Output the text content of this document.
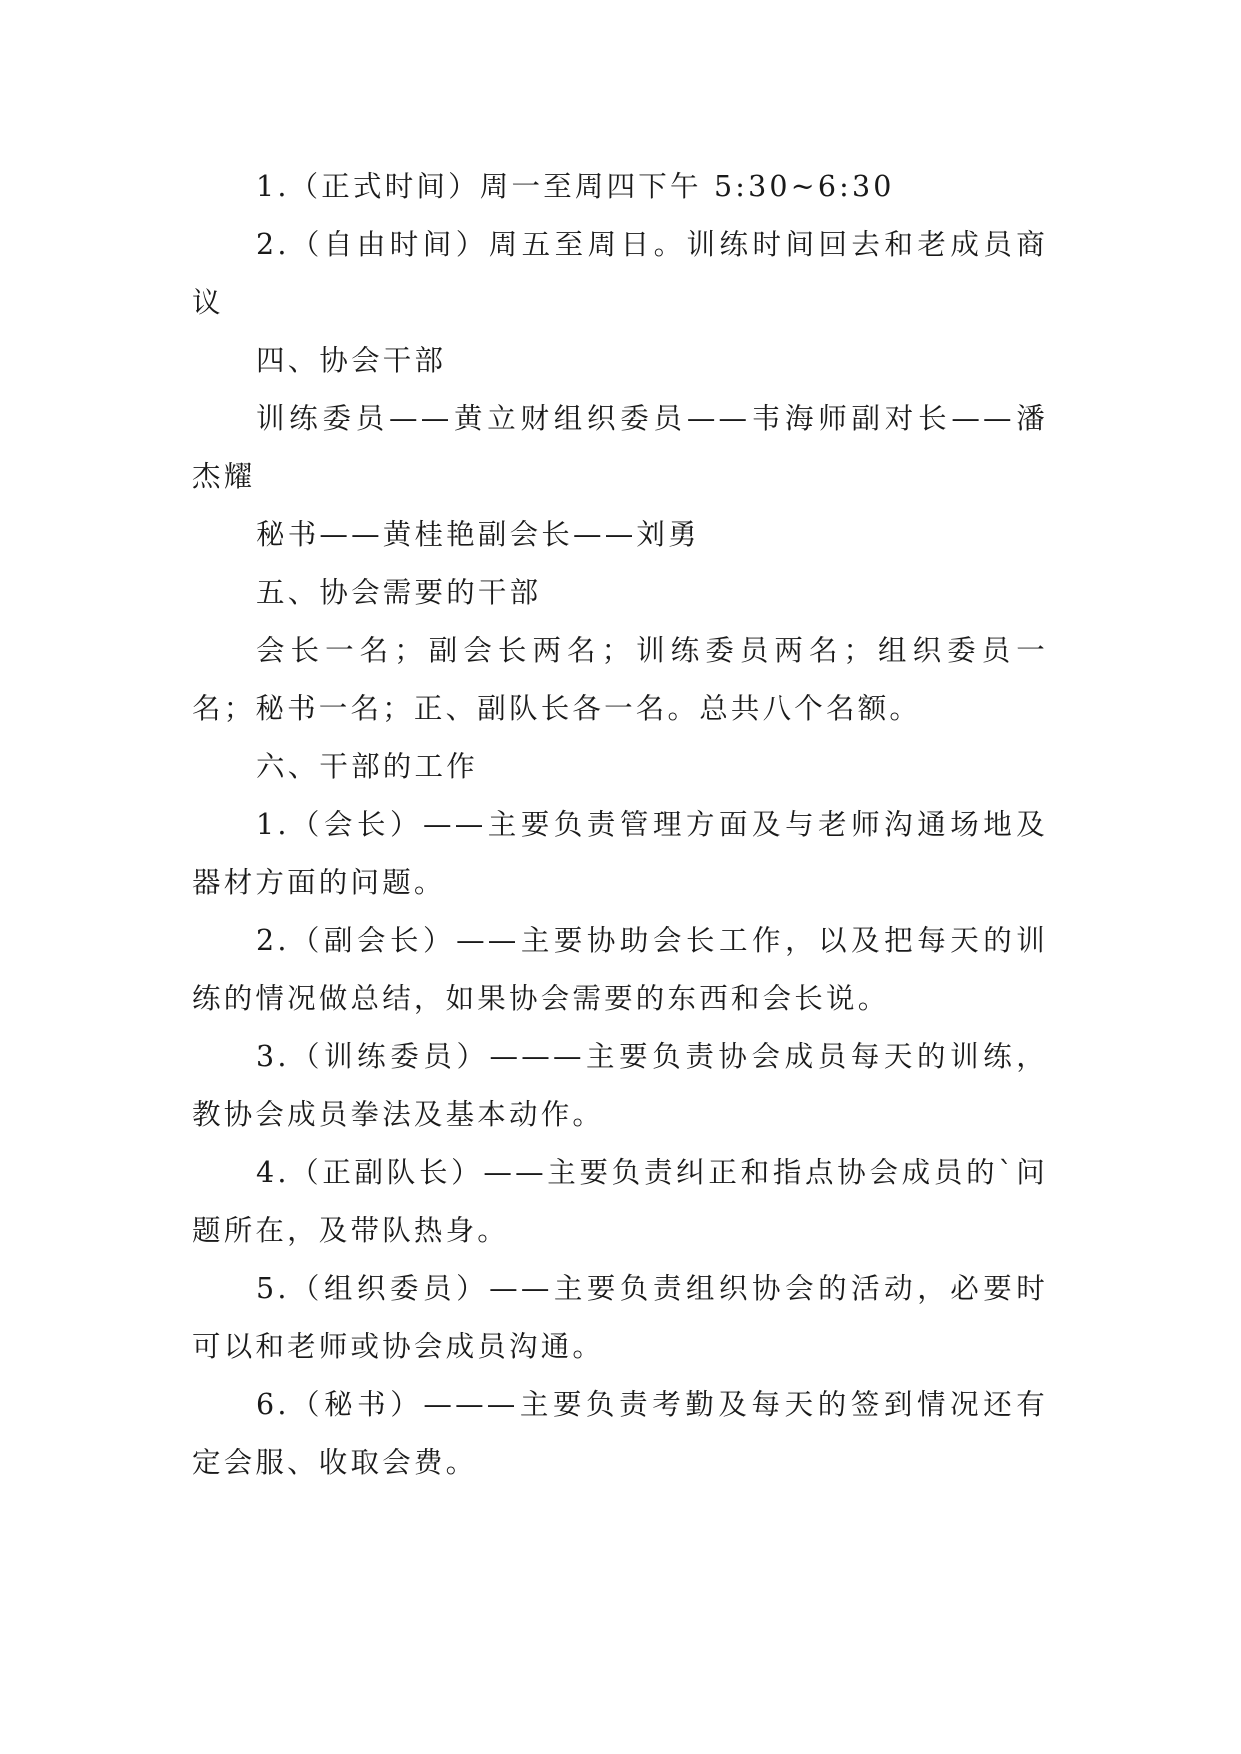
1.（正式时间）周一至周四下午 5:30~6:30

2.（自由时间）周五至周日。训练时间回去和老成员商议

四、协会干部

训练委员——黄立财组织委员——韦海师副对长——潘杰耀

秘书——黄桂艳副会长——刘勇

五、协会需要的干部

会长一名；副会长两名；训练委员两名；组织委员一名；秘书一名；正、副队长各一名。总共八个名额。

六、干部的工作

1.（会长）——主要负责管理方面及与老师沟通场地及器材方面的问题。

2.（副会长）——主要协助会长工作，以及把每天的训练的情况做总结，如果协会需要的东西和会长说。

3.（训练委员）———主要负责协会成员每天的训练，教协会成员拳法及基本动作。

4.（正副队长）——主要负责纠正和指点协会成员的`问题所在，及带队热身。

5.（组织委员）——主要负责组织协会的活动，必要时可以和老师或协会成员沟通。

6.（秘书）———主要负责考勤及每天的签到情况还有定会服、收取会费。
